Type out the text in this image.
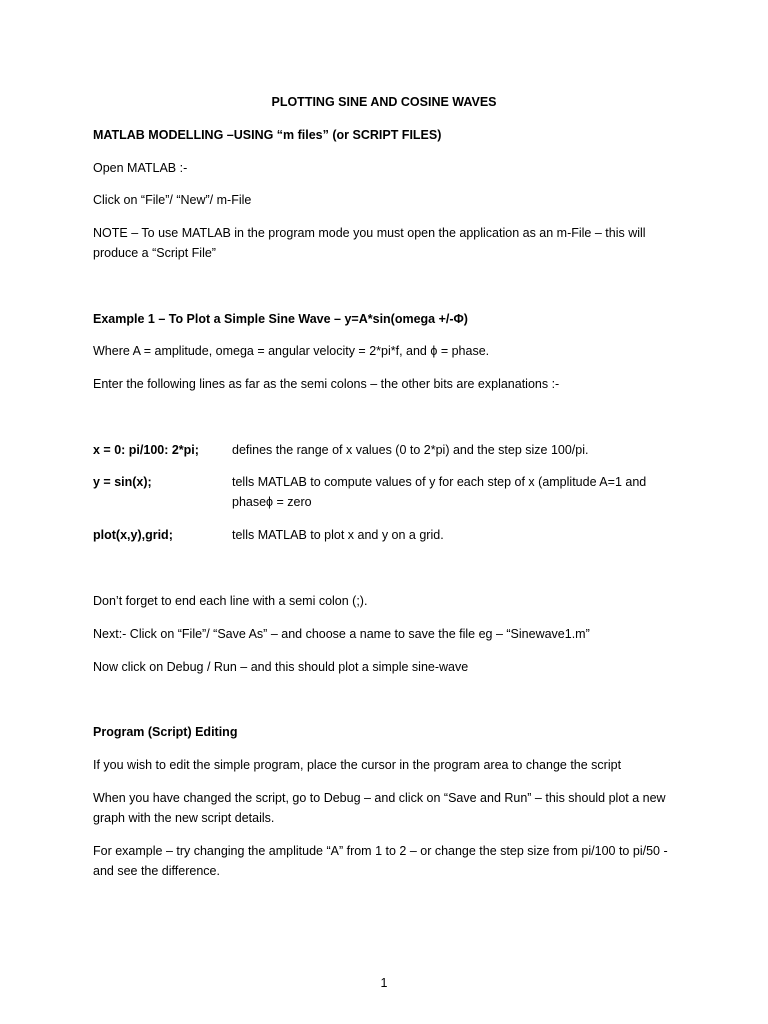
PLOTTING SINE AND COSINE WAVES
MATLAB MODELLING –USING “m files” (or SCRIPT FILES)
Open MATLAB :-
Click on “File”/ “New”/ m-File
NOTE – To use MATLAB in the program mode you must open the application as an m-File – this will produce a “Script File”
Example 1 – To Plot a Simple Sine Wave – y=A*sin(omega +/-Φ)
Where A = amplitude, omega = angular velocity = 2*pi*f, and ϕ = phase.
Enter the following lines as far as the semi colons – the other bits are explanations :-
x = 0: pi/100: 2*pi;	defines the range of x values (0 to 2*pi) and the step size 100/pi.
y = sin(x);	tells MATLAB to compute values of y for each step of x (amplitude A=1 and phaseϕ = zero
plot(x,y),grid;	tells MATLAB to plot x and y on a grid.
Don’t forget to end each line with a semi colon (;).
Next:- Click on “File”/ “Save As” – and choose a name to save the file eg – “Sinewave1.m”
Now click on Debug / Run – and this should plot a simple sine-wave
Program (Script) Editing
If you wish to edit the simple program, place the cursor in the program area to change the script
When you have changed the script, go to Debug – and click on “Save and Run” – this should plot a new graph with the new script details.
For example – try changing the amplitude “A” from 1 to 2 – or change the step size from pi/100 to pi/50 - and see the difference.
1
